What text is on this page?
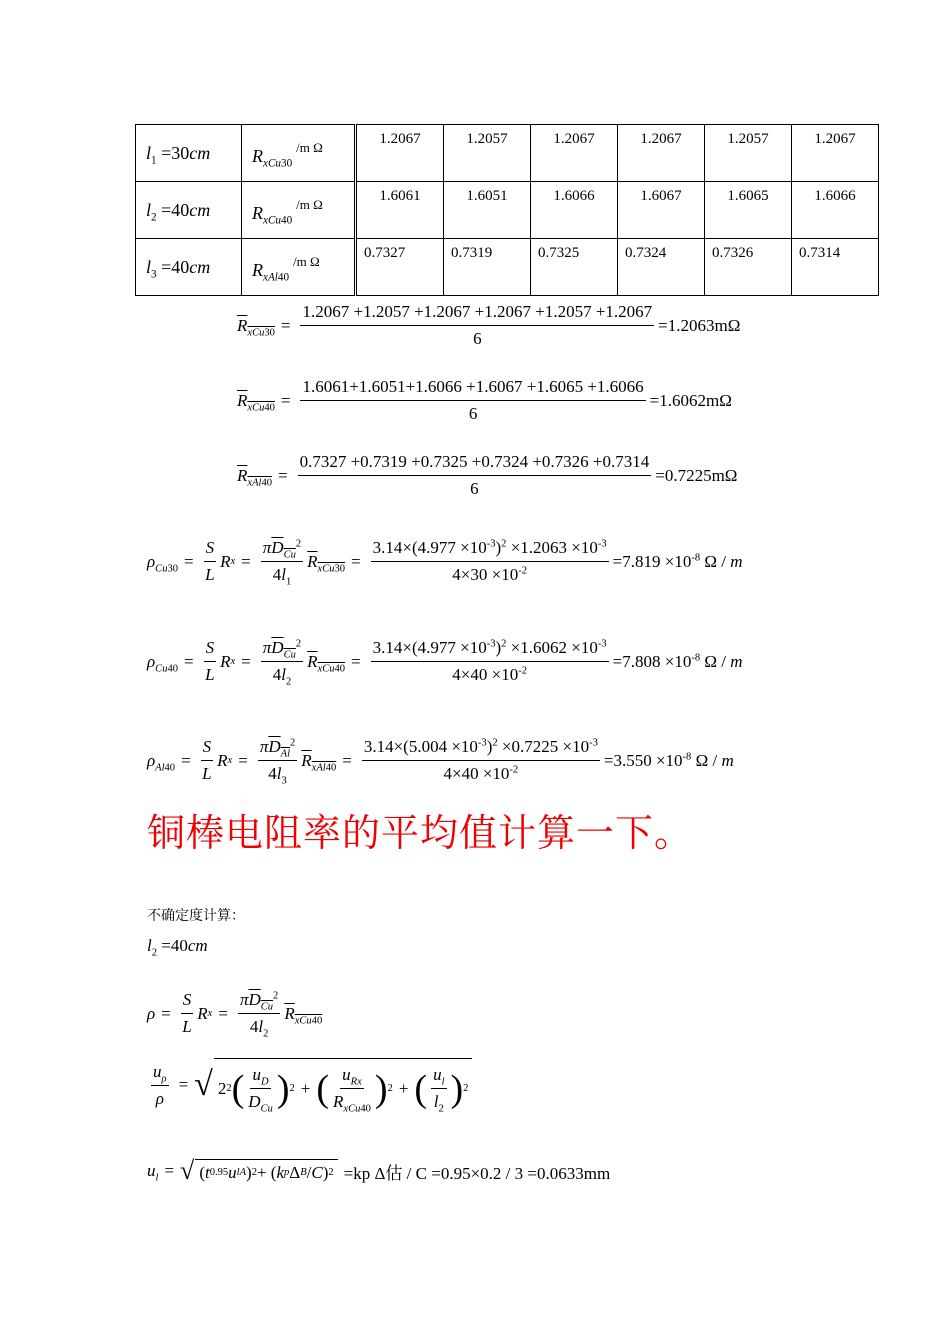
$l_1 =30cm$	$R_{xCu30}^{/m \Omega}$	1.2067	1.2057	1.2067	1.2067	1.2057	1.2067
$l_2 =40cm$	$R_{xCu40}^{/m \Omega}$	1.6061	1.6051	1.6066	1.6067	1.6065	1.6066
$l_3 =40cm$	$R_{xAl40}^{/m \Omega}$	0.7327	0.7319	0.7325	0.7324	0.7326	0.7314
$R_{xCu30} = \frac{1.2067 +1.2057 +1.2067 +1.2067 +1.2057 +1.2067}{6} =1.2063m\Omega$
$R_{xCu40} = \frac{1.6061+1.6051+1.6066 +1.6067 +1.6065 +1.6066}{6} =1.6062m\Omega$
$R_{xAl40} = \frac{0.7327 +0.7319 +0.7325 +0.7324 +0.7326 +0.7314}{6} =0.7225m\Omega$
$\rho_{Cu30} = \frac{S}{L}$ R $x = \frac{\pi D_{Cu}^2}{4l_1} R_{xCu30} = \frac{3.14\times(4.977 \times 10^{-3})^2 \times 1.2063 \times 10^{-3}}{4\times 30 \times 10^{-2}} =7.819 \times 10^{-8}$ Ω / m
$\rho_{Cu40} = \frac{S}{L}$ R $x = \frac{\pi D_{Cu}^2}{4l_2} R_{xCu40} = \frac{3.14\times(4.977 \times 10^{-3})^2 \times 1.6062 \times 10^{-3}}{4\times 40 \times 10^{-2}} =7.808 \times 10^{-8}$ Ω / m
$\rho_{Al40} = \frac{S}{L}$ R $x = \frac{\pi D_{Al}^2}{4l_3} R_{xAl40} = \frac{3.14\times(5.004 \times 10^{-3})^2 \times 0.7225 \times 10^{-3}}{4\times 40 \times 10^{-2}} =3.550 \times 10^{-8}$ Ω / m
铜棒电阻率的平均值计算一下。
不确定度计算：
$l_2 =40cm$
$\rho = \frac{S}{L}$ R $x = \frac{\pi D_{Cu}^2}{4l_2} R_{xCu40}$
$\frac{u_\rho}{\rho}$ = √ 2 2 ( $\frac{u_D}{D_{Cu}}$ ) 2 + ( $\frac{u_{Rx}}{R_{xCu40}}$ ) 2 + ( $\frac{u_l}{l_2}$ ) 2
$u_l$ = √ ( t 0.95 u lA ) 2 + ( k p Δ B / C ) 2 =kp Δ估 / C =0.95×0.2 / 3 =0.0633mm
